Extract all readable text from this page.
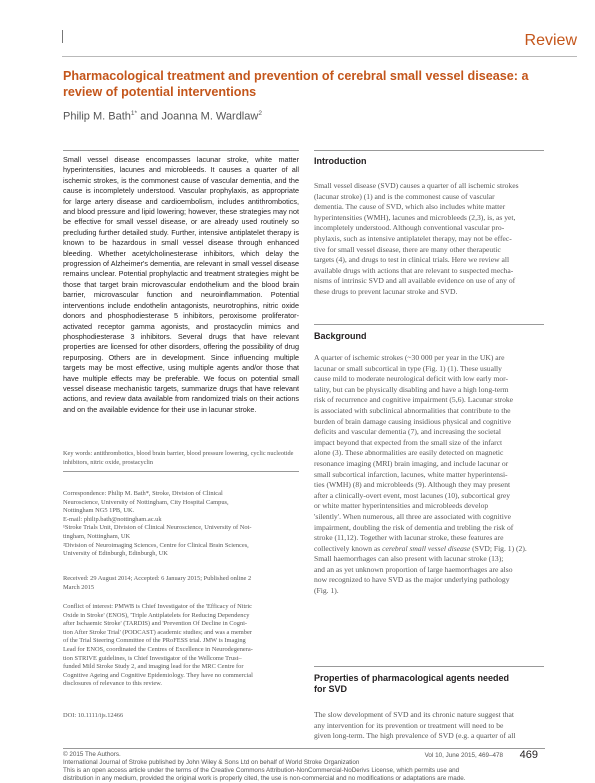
Review
Pharmacological treatment and prevention of cerebral small vessel disease: a review of potential interventions
Philip M. Bath$^{1*}$ and Joanna M. Wardlaw$^2$
Small vessel disease encompasses lacunar stroke, white matter hyperintensities, lacunes and microbleeds. It causes a quarter of all ischemic strokes, is the commonest cause of vascular dementia, and the cause is incompletely understood. Vascular prophylaxis, as appropriate for large artery disease and cardioembolism, includes antithrombotics, and blood pressure and lipid lowering; however, these strategies may not be effective for small vessel disease, or are already used routinely so precluding further detailed study. Further, intensive antiplatelet therapy is known to be hazardous in small vessel disease through enhanced bleeding. Whether acetylcholinesterase inhibitors, which delay the progression of Alzheimer's dementia, are relevant in small vessel disease remains unclear. Potential prophylactic and treatment strategies might be those that target brain microvascular endothelium and the blood brain barrier, microvascular function and neuroinflammation. Potential interventions include endothelin antagonists, neurotrophins, nitric oxide donors and phosphodiesterase 5 inhibitors, peroxisome proliferator-activated receptor gamma agonists, and prostacyclin mimics and phosphodiesterase 3 inhibitors. Several drugs that have relevant properties are licensed for other disorders, offering the possibility of drug repurposing. Others are in development. Since influencing multiple targets may be most effective, using multiple agents and/or those that have multiple effects may be preferable. We focus on potential small vessel disease mechanistic targets, summarize drugs that have relevant actions, and review data available from randomized trials on their actions and on the available evidence for their use in lacunar stroke.
Key words: antithrombotics, blood brain barrier, blood pressure lowering, cyclic nucleotide inhibitors, nitric oxide, prostacyclin

Correspondence: Philip M. Bath*, Stroke, Division of Clinical

Neuroscience, University of Nottingham, City Hospital Campus,

Nottingham NG5 1PB, UK.

E-mail: philip.bath@nottingham.ac.uk

¹Stroke Trials Unit, Division of Clinical Neuroscience, University of Not-

tingham, Nottingham, UK

²Division of Neuroimaging Sciences, Centre for Clinical Brain Sciences,

University of Edinburgh, Edinburgh, UK

Received: 29 August 2014; Accepted: 6 January 2015; Published online 2

March 2015

Conflict of interest: PMWB is Chief Investigator of the 'Efficacy of Nitric

Oxide in Stroke' (ENOS), 'Triple Antiplatelets for Reducing Dependency

after Ischaemic Stroke' (TARDIS) and 'Prevention Of Decline in Cogni-

tion After Stroke Trial' (PODCAST) academic studies; and was a member

of the Trial Steering Committee of the PRoFESS trial. JMW is Imaging

Lead for ENOS, coordinated the Centres of Excellence in Neurodegenera-

tion STRIVE guidelines, is Chief Investigator of the Wellcome Trust–

funded Mild Stroke Study 2, and imaging lead for the MRC Centre for

Cognitive Ageing and Cognitive Epidemiology. They have no commercial

disclosures of relevance to this review.

DOI: 10.1111/ijs.12466
Introduction
Small vessel disease (SVD) causes a quarter of all ischemic strokes
(lacunar stroke) (1) and is the commonest cause of vascular
dementia. The cause of SVD, which also includes white matter
hyperintensities (WMH), lacunes and microbleeds (2,3), is, as yet,
incompletely understood. Although conventional vascular pro-
phylaxis, such as intensive antiplatelet therapy, may not be effec-
tive for small vessel disease, there are many other therapeutic
targets (4), and drugs to test in clinical trials. Here we review all
available drugs with actions that are relevant to suspected mecha-
nisms of intrinsic SVD and all available evidence on use of any of
these drugs to prevent lacunar stroke and SVD.
Background
A quarter of ischemic strokes (~30 000 per year in the UK) are
lacunar or small subcortical in type (Fig. 1) (1). These usually
cause mild to moderate neurological deficit with low early mor-
tality, but can be physically disabling and have a high long-term
risk of recurrence and cognitive impairment (5,6). Lacunar stroke
is associated with subclinical abnormalities that contribute to the
burden of brain damage causing insidious physical and cognitive
deficits and vascular dementia (7), and increasing the societal
impact beyond that expected from the small size of the infarct
alone (3). These abnormalities are easily detected on magnetic
resonance imaging (MRI) brain imaging, and include lacunar or
small subcortical infarction, lacunes, white matter hyperintensi-
ties (WMH) (8) and microbleeds (9). Although they may present
after a clinically-overt event, most lacunes (10), subcortical grey
or white matter hyperintensities and microbleeds develop
'silently'. When numerous, all three are associated with cognitive
impairment, doubling the risk of dementia and trebling the risk of
stroke (11,12). Together with lacunar stroke, these features are
collectively known as cerebral small vessel disease (SVD; Fig. 1) (2).
Small haemorrhages can also present with lacunar stroke (13);
and an as yet unknown proportion of large haemorrhages are also
now recognized to have SVD as the major underlying pathology
(Fig. 1).
Properties of pharmacological agents needed
for SVD
The slow development of SVD and its chronic nature suggest that
any intervention for its prevention or treatment will need to be
given long-term. The high prevalence of SVD (e.g. a quarter of all
© 2015 The Authors.
International Journal of Stroke published by John Wiley & Sons Ltd on behalf of World Stroke Organization
This is an open access article under the terms of the Creative Commons Attribution-NonCommercial-NoDerivs License, which permits use and
distribution in any medium, provided the original work is properly cited, the use is non-commercial and no modifications or adaptations are made.
Vol 10, June 2015, 469–478 469
